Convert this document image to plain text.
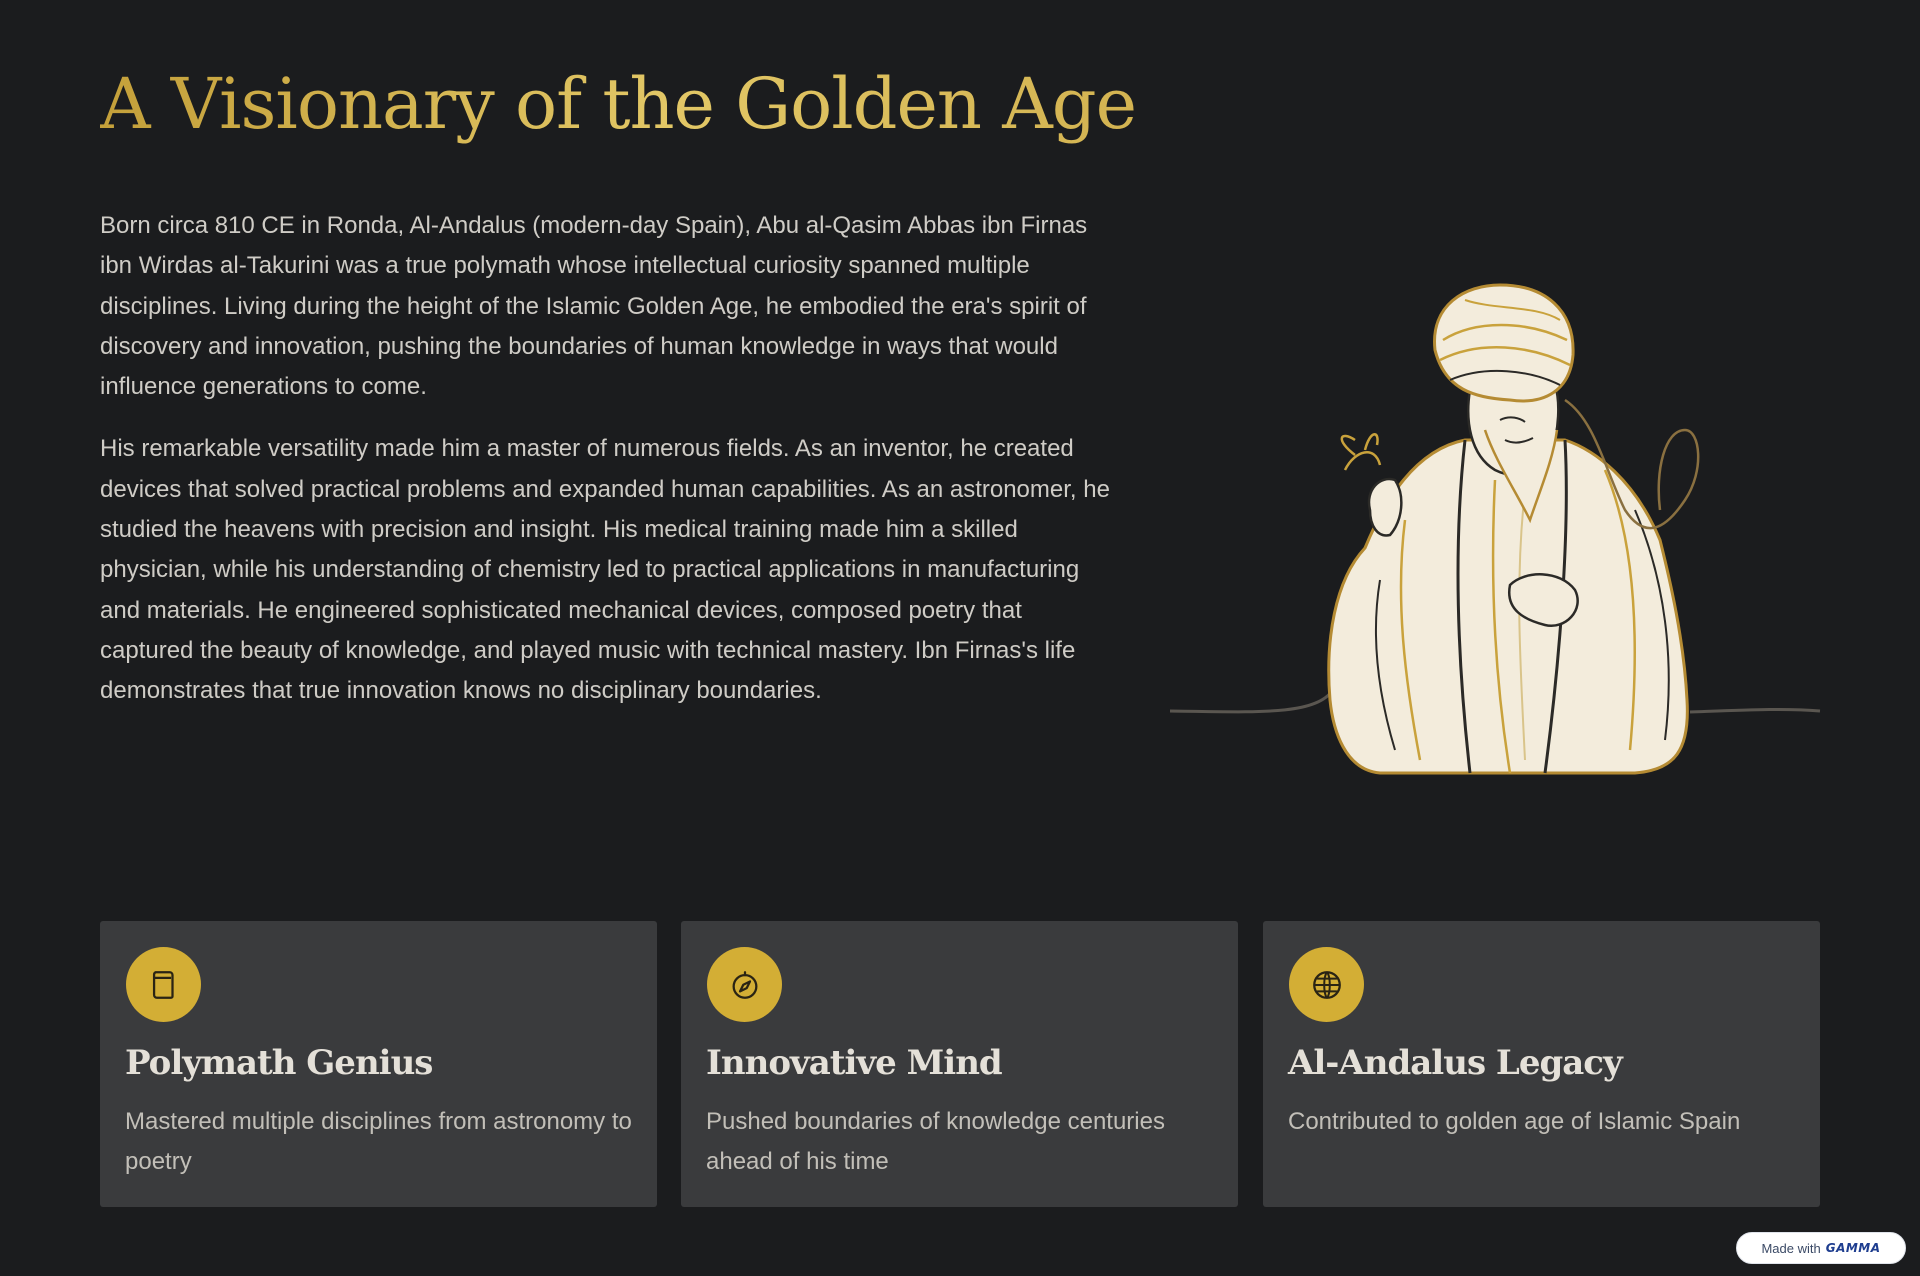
A Visionary of the Golden Age

Born circa 810 CE in Ronda, Al-Andalus (modern-day Spain), Abu al-Qasim Abbas ibn Firnas ibn Wirdas al-Takurini was a true polymath whose intellectual curiosity spanned multiple disciplines. Living during the height of the Islamic Golden Age, he embodied the era's spirit of discovery and innovation, pushing the boundaries of human knowledge in ways that would influence generations to come.

His remarkable versatility made him a master of numerous fields. As an inventor, he created devices that solved practical problems and expanded human capabilities. As an astronomer, he studied the heavens with precision and insight. His medical training made him a skilled physician, while his understanding of chemistry led to practical applications in manufacturing and materials. He engineered sophisticated mechanical devices, composed poetry that captured the beauty of knowledge, and played music with technical mastery. Ibn Firnas's life demonstrates that true innovation knows no disciplinary boundaries.

Polymath Genius

Mastered multiple disciplines from astronomy to poetry

Innovative Mind

Pushed boundaries of knowledge centuries ahead of his time

Al-Andalus Legacy

Contributed to golden age of Islamic Spain

Made with GAMMA
